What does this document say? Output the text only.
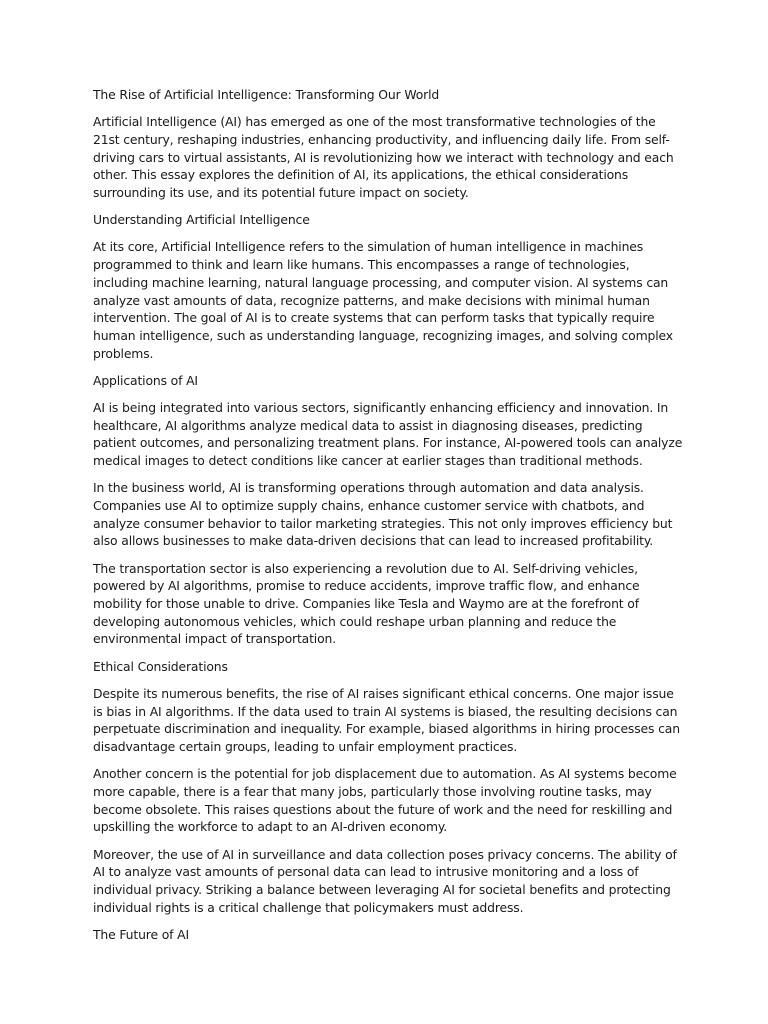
The Rise of Artificial Intelligence: Transforming Our World

Artificial Intelligence (AI) has emerged as one of the most transformative technologies of the 21st century, reshaping industries, enhancing productivity, and influencing daily life. From self-driving cars to virtual assistants, AI is revolutionizing how we interact with technology and each other. This essay explores the definition of AI, its applications, the ethical considerations surrounding its use, and its potential future impact on society.

Understanding Artificial Intelligence

At its core, Artificial Intelligence refers to the simulation of human intelligence in machines programmed to think and learn like humans. This encompasses a range of technologies, including machine learning, natural language processing, and computer vision. AI systems can analyze vast amounts of data, recognize patterns, and make decisions with minimal human intervention. The goal of AI is to create systems that can perform tasks that typically require human intelligence, such as understanding language, recognizing images, and solving complex problems.

Applications of AI

AI is being integrated into various sectors, significantly enhancing efficiency and innovation. In healthcare, AI algorithms analyze medical data to assist in diagnosing diseases, predicting patient outcomes, and personalizing treatment plans. For instance, AI-powered tools can analyze medical images to detect conditions like cancer at earlier stages than traditional methods.

In the business world, AI is transforming operations through automation and data analysis. Companies use AI to optimize supply chains, enhance customer service with chatbots, and analyze consumer behavior to tailor marketing strategies. This not only improves efficiency but also allows businesses to make data-driven decisions that can lead to increased profitability.

The transportation sector is also experiencing a revolution due to AI. Self-driving vehicles, powered by AI algorithms, promise to reduce accidents, improve traffic flow, and enhance mobility for those unable to drive. Companies like Tesla and Waymo are at the forefront of developing autonomous vehicles, which could reshape urban planning and reduce the environmental impact of transportation.

Ethical Considerations

Despite its numerous benefits, the rise of AI raises significant ethical concerns. One major issue is bias in AI algorithms. If the data used to train AI systems is biased, the resulting decisions can perpetuate discrimination and inequality. For example, biased algorithms in hiring processes can disadvantage certain groups, leading to unfair employment practices.

Another concern is the potential for job displacement due to automation. As AI systems become more capable, there is a fear that many jobs, particularly those involving routine tasks, may become obsolete. This raises questions about the future of work and the need for reskilling and upskilling the workforce to adapt to an AI-driven economy.

Moreover, the use of AI in surveillance and data collection poses privacy concerns. The ability of AI to analyze vast amounts of personal data can lead to intrusive monitoring and a loss of individual privacy. Striking a balance between leveraging AI for societal benefits and protecting individual rights is a critical challenge that policymakers must address.

The Future of AI
